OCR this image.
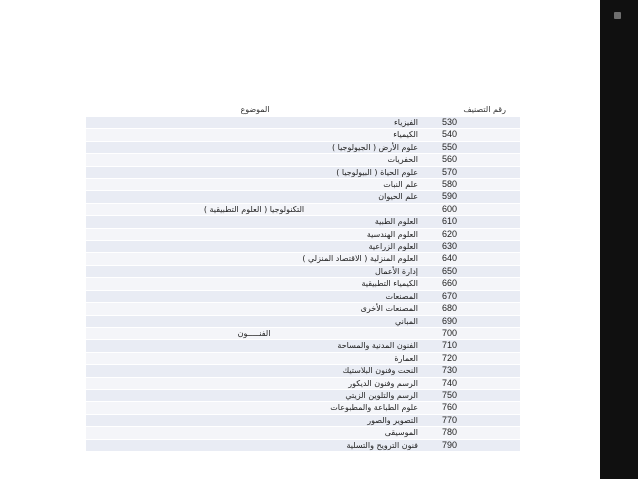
رقم التصنيف	الموضوع
530	الفيزياء
540	الكيمياء
550	علوم الأرض ( الجيولوجيا )
560	الحفريات
570	علوم الحياة ( البيولوجيا )
580	علم النبات
590	علم الحيوان
600	التكنولوجيا ( العلوم التطبيقية )
610	العلوم الطبية
620	العلوم الهندسية
630	العلوم الزراعية
640	العلوم المنزلية ( الاقتصاد المنزلي )
650	إدارة الأعمال
660	الكيمياء التطبيقية
670	المصنعات
680	المصنعات الأخرى
690	المباني
700	الفنـــــون
710	الفنون المدنية والمساحة
720	العمارة
730	النحت وفنون البلاستيك
740	الرسم وفنون الديكور
750	الرسم والتلوين الزيتي
760	علوم الطباعة والمطبوعات
770	التصوير والصور
780	الموسيقى
790	فنون الترويح والتسلية
